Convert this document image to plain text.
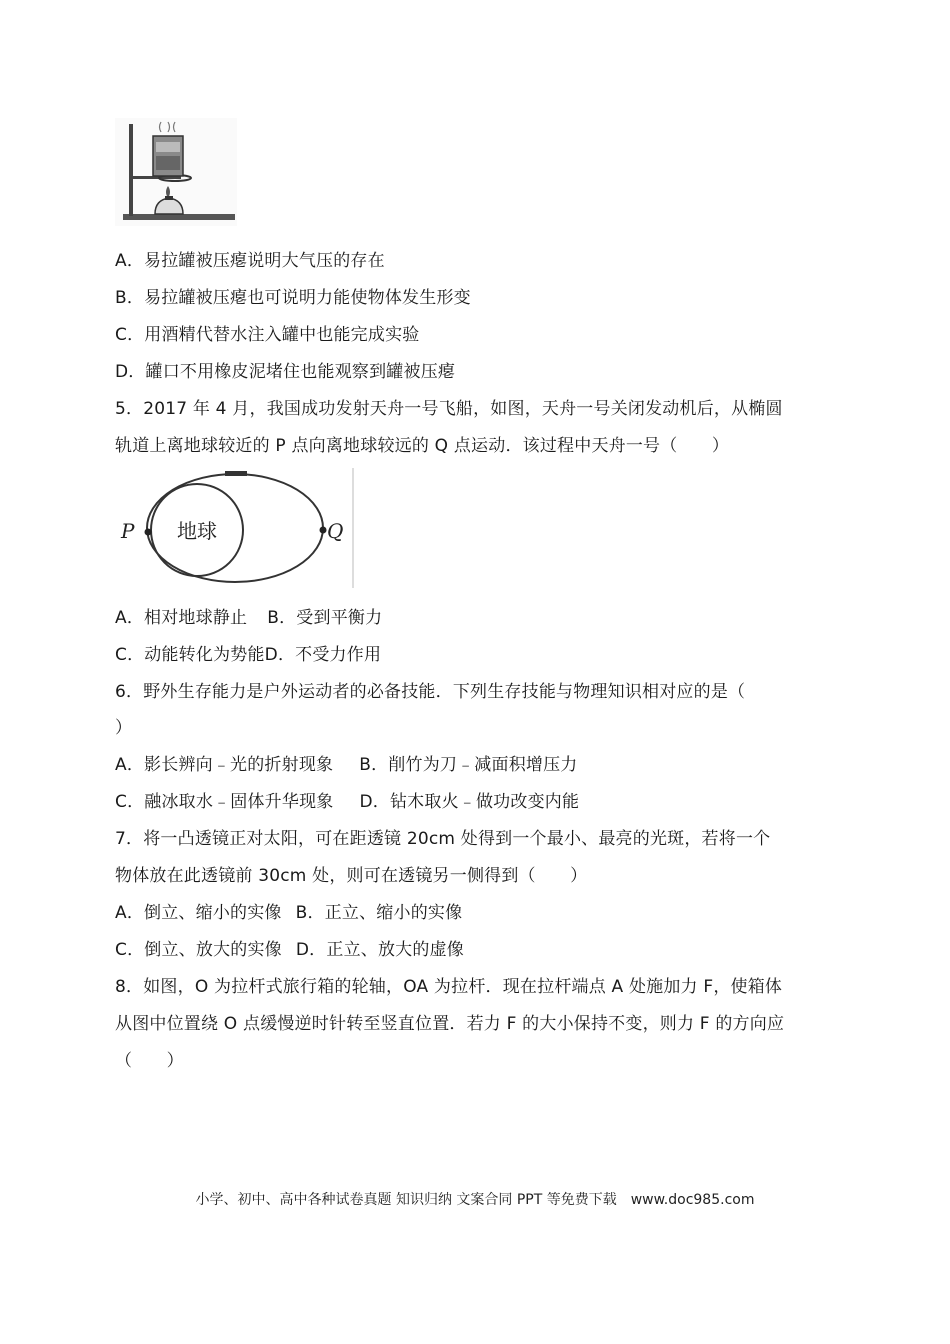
A．易拉罐被压瘪说明大气压的存在
B．易拉罐被压瘪也可说明力能使物体发生形变
C．用酒精代替水注入罐中也能完成实验
D．罐口不用橡皮泥堵住也能观察到罐被压瘪
5．2017 年 4 月，我国成功发射天舟一号飞船，如图，天舟一号关闭发动机后，从椭圆
轨道上离地球较近的 P 点向离地球较远的 Q 点运动．该过程中天舟一号（　　）
地球
P	Q
A．相对地球静止 B．受到平衡力
C．动能转化为势能D．不受力作用
6．野外生存能力是户外运动者的必备技能．下列生存技能与物理知识相对应的是（
）
A．影长辨向﹣光的折射现象 B．削竹为刀﹣减面积增压力
C．融冰取水﹣固体升华现象 D．钻木取火﹣做功改变内能
7．将一凸透镜正对太阳，可在距透镜 20cm 处得到一个最小、最亮的光斑，若将一个
物体放在此透镜前 30cm 处，则可在透镜另一侧得到（　　）
A．倒立、缩小的实像 B．正立、缩小的实像
C．倒立、放大的实像 D．正立、放大的虚像
8．如图，O 为拉杆式旅行箱的轮轴，OA 为拉杆．现在拉杆端点 A 处施加力 F，使箱体
从图中位置绕 O 点缓慢逆时针转至竖直位置．若力 F 的大小保持不变，则力 F 的方向应
（　　）
小学、初中、高中各种试卷真题 知识归纳 文案合同 PPT 等免费下载　www.doc985.com
